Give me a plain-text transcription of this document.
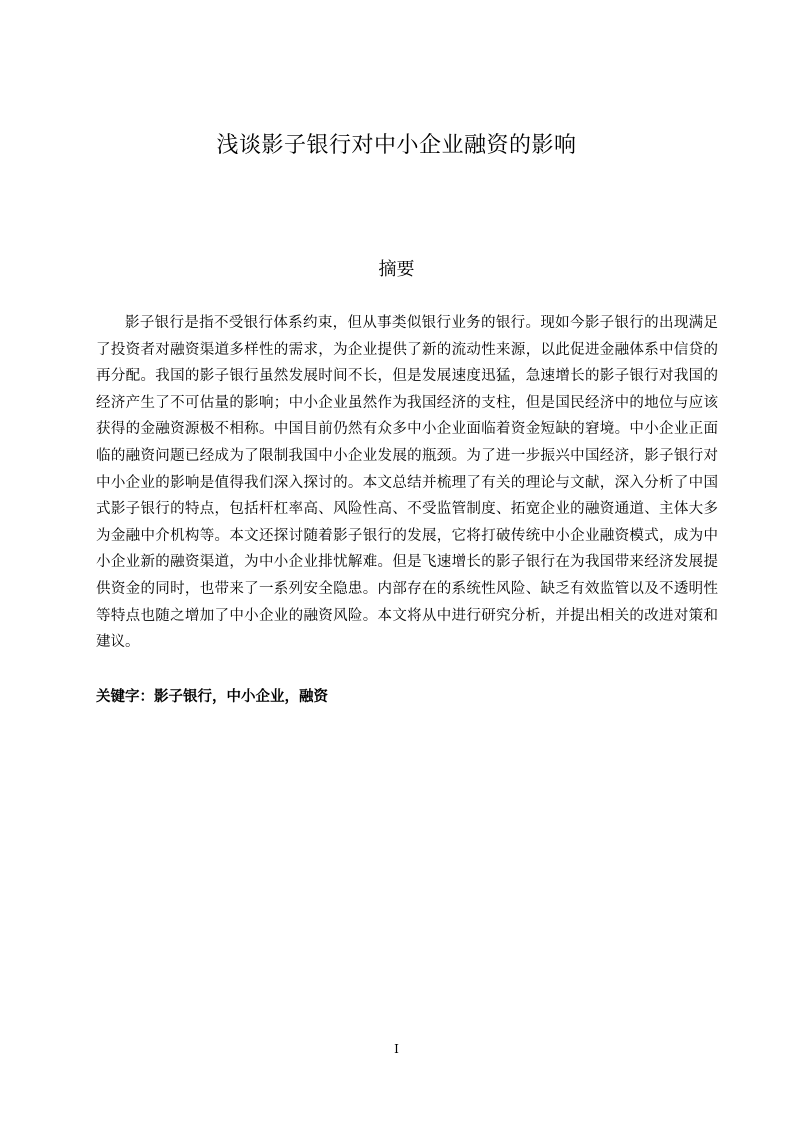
浅谈影子银行对中小企业融资的影响
摘要

影子银行是指不受银行体系约束，但从事类似银行业务的银行。现如今影子银行的出现满足了投资者对融资渠道多样性的需求，为企业提供了新的流动性来源，以此促进金融体系中信贷的再分配。我国的影子银行虽然发展时间不长，但是发展速度迅猛，急速增长的影子银行对我国的经济产生了不可估量的影响；中小企业虽然作为我国经济的支柱，但是国民经济中的地位与应该获得的金融资源极不相称。中国目前仍然有众多中小企业面临着资金短缺的窘境。中小企业正面临的融资问题已经成为了限制我国中小企业发展的瓶颈。为了进一步振兴中国经济，影子银行对中小企业的影响是值得我们深入探讨的。本文总结并梳理了有关的理论与文献，深入分析了中国式影子银行的特点，包括杆杠率高、风险性高、不受监管制度、拓宽企业的融资通道、主体大多为金融中介机构等。本文还探讨随着影子银行的发展，它将打破传统中小企业融资模式，成为中小企业新的融资渠道，为中小企业排忧解难。但是飞速增长的影子银行在为我国带来经济发展提供资金的同时，也带来了一系列安全隐患。内部存在的系统性风险、缺乏有效监管以及不透明性等特点也随之增加了中小企业的融资风险。本文将从中进行研究分析，并提出相关的改进对策和建议。

关键字：影子银行，中小企业，融资
I
